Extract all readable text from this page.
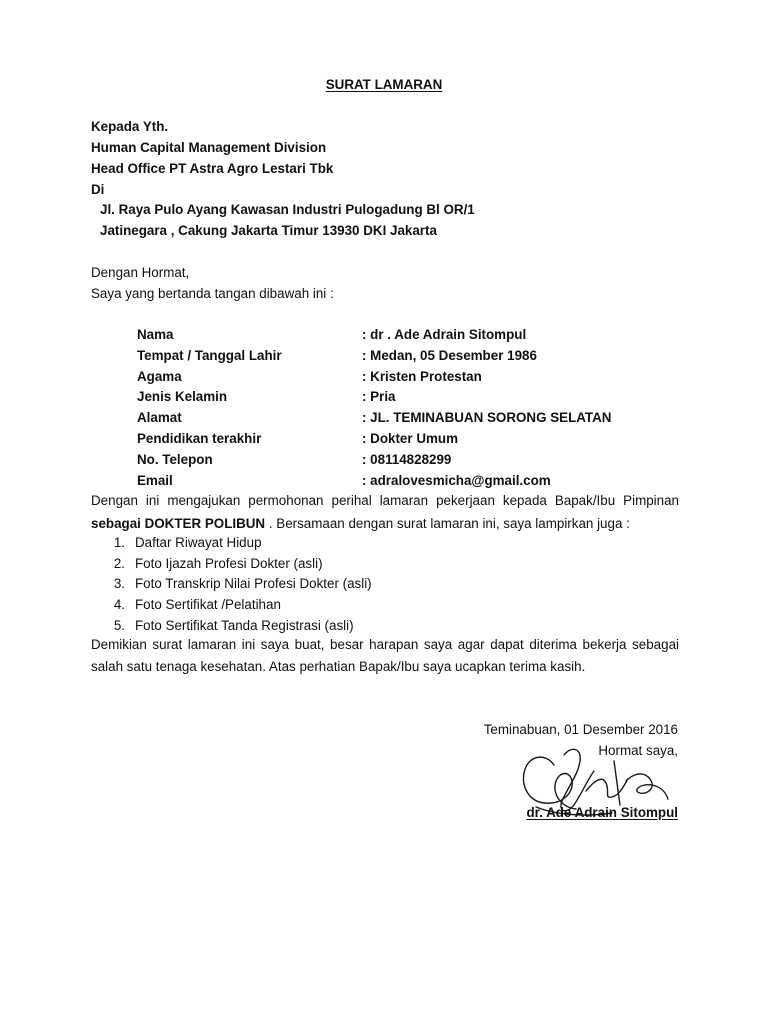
SURAT LAMARAN
Kepada Yth.
Human Capital Management Division
Head Office PT Astra Agro Lestari Tbk
Di
Jl. Raya Pulo Ayang Kawasan Industri Pulogadung Bl OR/1
Jatinegara , Cakung Jakarta Timur 13930 DKI Jakarta
Dengan Hormat,
Saya yang bertanda tangan dibawah ini :
Nama	: dr . Ade Adrain Sitompul
Tempat / Tanggal Lahir	: Medan, 05 Desember 1986
Agama	: Kristen Protestan
Jenis Kelamin	: Pria
Alamat	: JL. TEMINABUAN SORONG SELATAN
Pendidikan terakhir	: Dokter Umum
No. Telepon	: 08114828299
Email	: adralovesmicha@gmail.com
Dengan ini mengajukan permohonan perihal lamaran pekerjaan kepada Bapak/Ibu Pimpinan
sebagai DOKTER POLIBUN . Bersamaan dengan surat lamaran ini, saya lampirkan juga :
1. Daftar Riwayat Hidup
2. Foto Ijazah Profesi Dokter (asli)
3. Foto Transkrip Nilai Profesi Dokter (asli)
4. Foto Sertifikat /Pelatihan
5. Foto Sertifikat Tanda Registrasi (asli)
Demikian surat lamaran ini saya buat, besar harapan saya agar dapat diterima bekerja sebagai
salah satu tenaga kesehatan. Atas perhatian Bapak/Ibu saya ucapkan terima kasih.
Teminabuan, 01 Desember 2016
Hormat saya,
dr. Ade Adrain Sitompul
